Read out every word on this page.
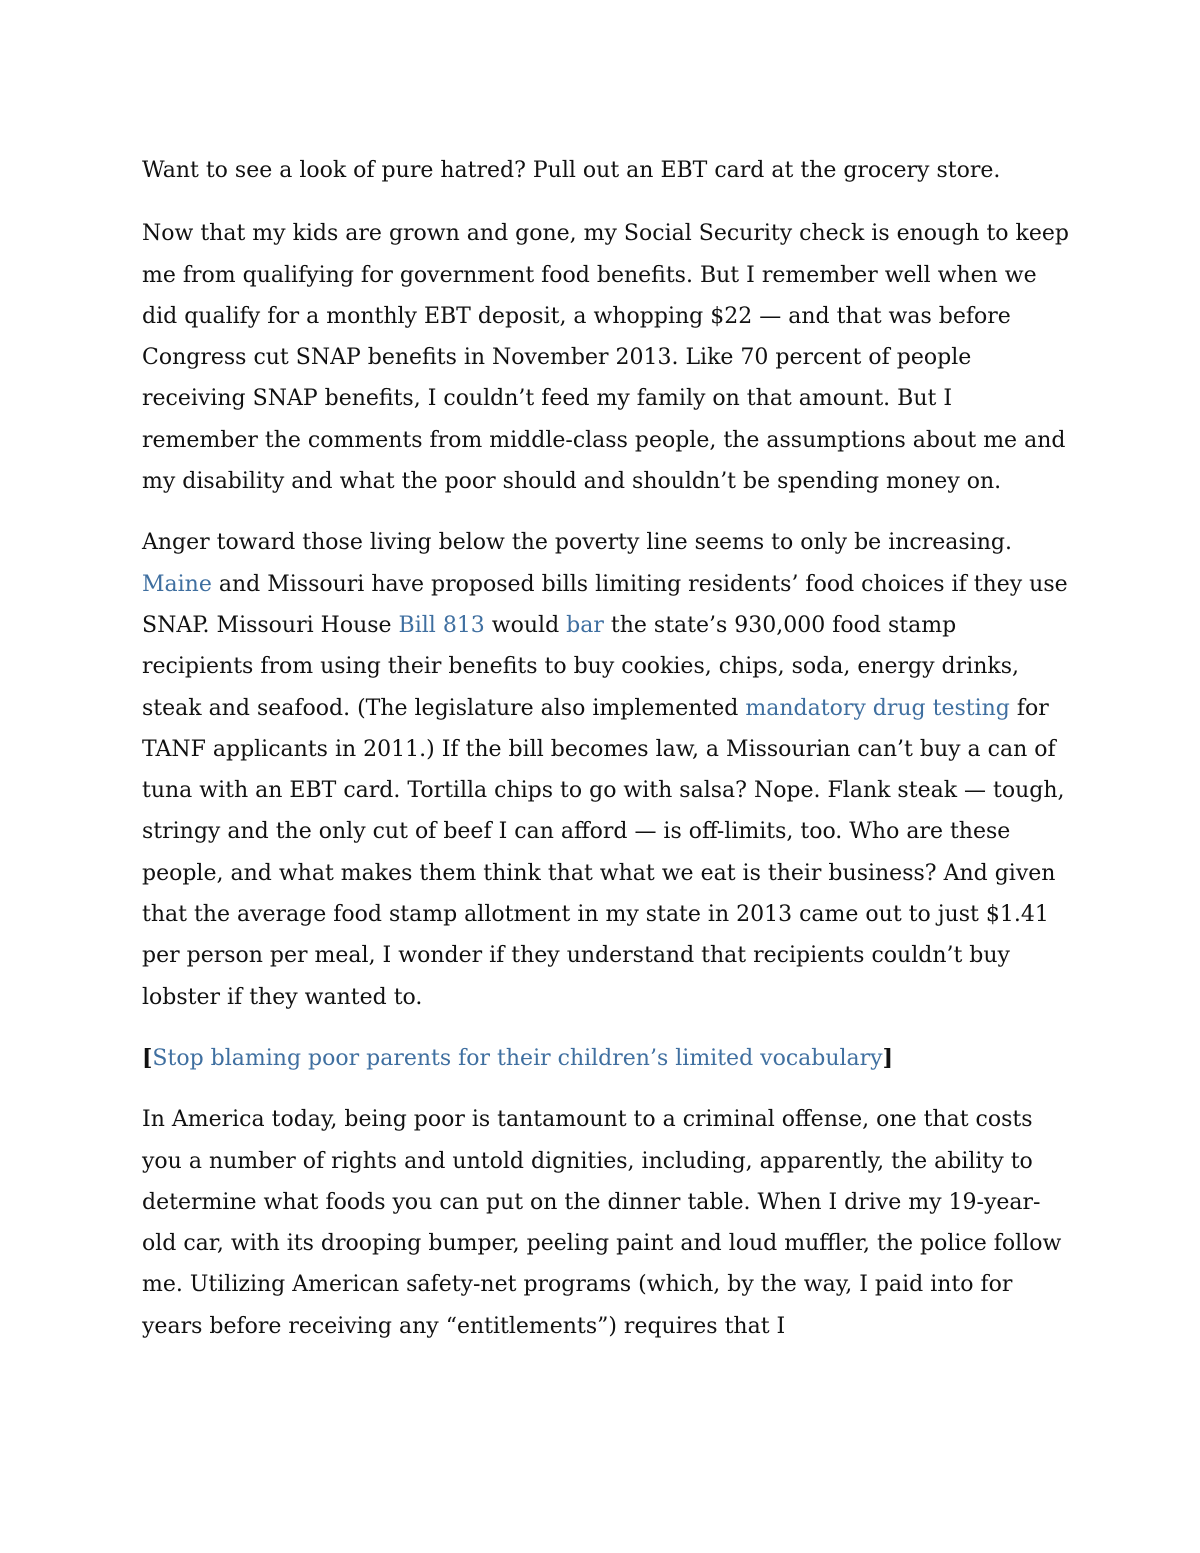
Want to see a look of pure hatred? Pull out an EBT card at the grocery store.

Now that my kids are grown and gone, my Social Security check is enough to keep me from qualifying for government food benefits. But I remember well when we did qualify for a monthly EBT deposit, a whopping $22 — and that was before Congress cut SNAP benefits in November 2013. Like 70 percent of people receiving SNAP benefits, I couldn’t feed my family on that amount. But I remember the comments from middle-class people, the assumptions about me and my disability and what the poor should and shouldn’t be spending money on.

Anger toward those living below the poverty line seems to only be increasing. Maine and Missouri have proposed bills limiting residents’ food choices if they use SNAP. Missouri House Bill 813 would bar the state’s 930,000 food stamp recipients from using their benefits to buy cookies, chips, soda, energy drinks, steak and seafood. (The legislature also implemented mandatory drug testing for TANF applicants in 2011.) If the bill becomes law, a Missourian can’t buy a can of tuna with an EBT card. Tortilla chips to go with salsa? Nope. Flank steak — tough, stringy and the only cut of beef I can afford — is off-limits, too. Who are these people, and what makes them think that what we eat is their business? And given that the average food stamp allotment in my state in 2013 came out to just $1.41 per person per meal, I wonder if they understand that recipients couldn’t buy lobster if they wanted to.

[Stop blaming poor parents for their children’s limited vocabulary]

In America today, being poor is tantamount to a criminal offense, one that costs you a number of rights and untold dignities, including, apparently, the ability to determine what foods you can put on the dinner table. When I drive my 19-year-old car, with its drooping bumper, peeling paint and loud muffler, the police follow me. Utilizing American safety-net programs (which, by the way, I paid into for years before receiving any “entitlements”) requires that I
